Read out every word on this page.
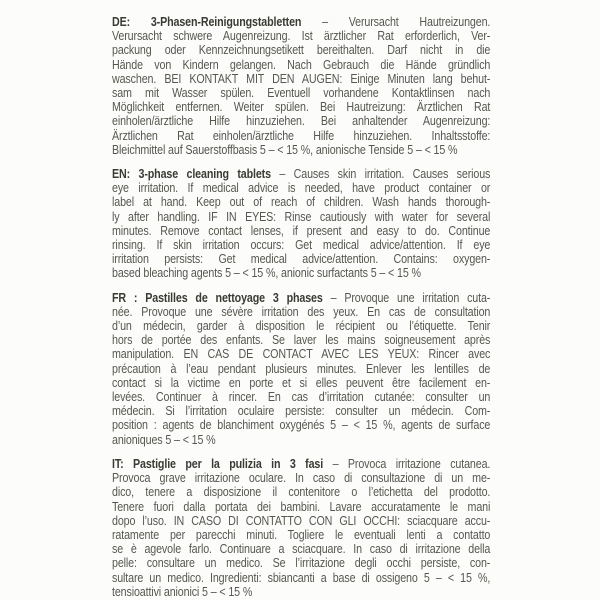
DE: 3-Phasen-Reinigungstabletten – Verursacht Hautreizungen.
Verursacht schwere Augenreizung. Ist ärztlicher Rat erforderlich, Ver-
packung oder Kennzeichnungsetikett bereithalten. Darf nicht in die
Hände von Kindern gelangen. Nach Gebrauch die Hände gründlich
waschen. BEI KONTAKT MIT DEN AUGEN: Einige Minuten lang behut-
sam mit Wasser spülen. Eventuell vorhandene Kontaktlinsen nach
Möglichkeit entfernen. Weiter spülen. Bei Hautreizung: Ärztlichen Rat
einholen/ärztliche Hilfe hinzuziehen. Bei anhaltender Augenreizung:
Ärztlichen Rat einholen/ärztliche Hilfe hinzuziehen. Inhaltsstoffe:
Bleichmittel auf Sauerstoffbasis 5 – < 15 %, anionische Tenside 5 – < 15 %
EN: 3-phase cleaning tablets – Causes skin irritation. Causes serious
eye irritation. If medical advice is needed, have product container or
label at hand. Keep out of reach of children. Wash hands thorough-
ly after handling. IF IN EYES: Rinse cautiously with water for several
minutes. Remove contact lenses, if present and easy to do. Continue
rinsing. If skin irritation occurs: Get medical advice/attention. If eye
irritation persists: Get medical advice/attention. Contains: oxygen-
based bleaching agents 5 – < 15 %, anionic surfactants 5 – < 15 %
FR : Pastilles de nettoyage 3 phases – Provoque une irritation cuta-
née. Provoque une sévère irritation des yeux. En cas de consultation
d’un médecin, garder à disposition le récipient ou l’étiquette. Tenir
hors de portée des enfants. Se laver les mains soigneusement après
manipulation. EN CAS DE CONTACT AVEC LES YEUX: Rincer avec
précaution à l’eau pendant plusieurs minutes. Enlever les lentilles de
contact si la victime en porte et si elles peuvent être facilement en-
levées. Continuer à rincer. En cas d’irritation cutanée: consulter un
médecin. Si l’irritation oculaire persiste: consulter un médecin. Com-
position : agents de blanchiment oxygénés 5 – < 15 %, agents de surface
anioniques 5 – < 15 %
IT: Pastiglie per la pulizia in 3 fasi – Provoca irritazione cutanea.
Provoca grave irritazione oculare. In caso di consultazione di un me-
dico, tenere a disposizione il contenitore o l’etichetta del prodotto.
Tenere fuori dalla portata dei bambini. Lavare accuratamente le mani
dopo l’uso. IN CASO DI CONTATTO CON GLI OCCHI: sciacquare accu-
ratamente per parecchi minuti. Togliere le eventuali lenti a contatto
se è agevole farlo. Continuare a sciacquare. In caso di irritazione della
pelle: consultare un medico. Se l’irritazione degli occhi persiste, con-
sultare un medico. Ingredienti: sbiancanti a base di ossigeno 5 – < 15 %,
tensioattivi anionici 5 – < 15 %
